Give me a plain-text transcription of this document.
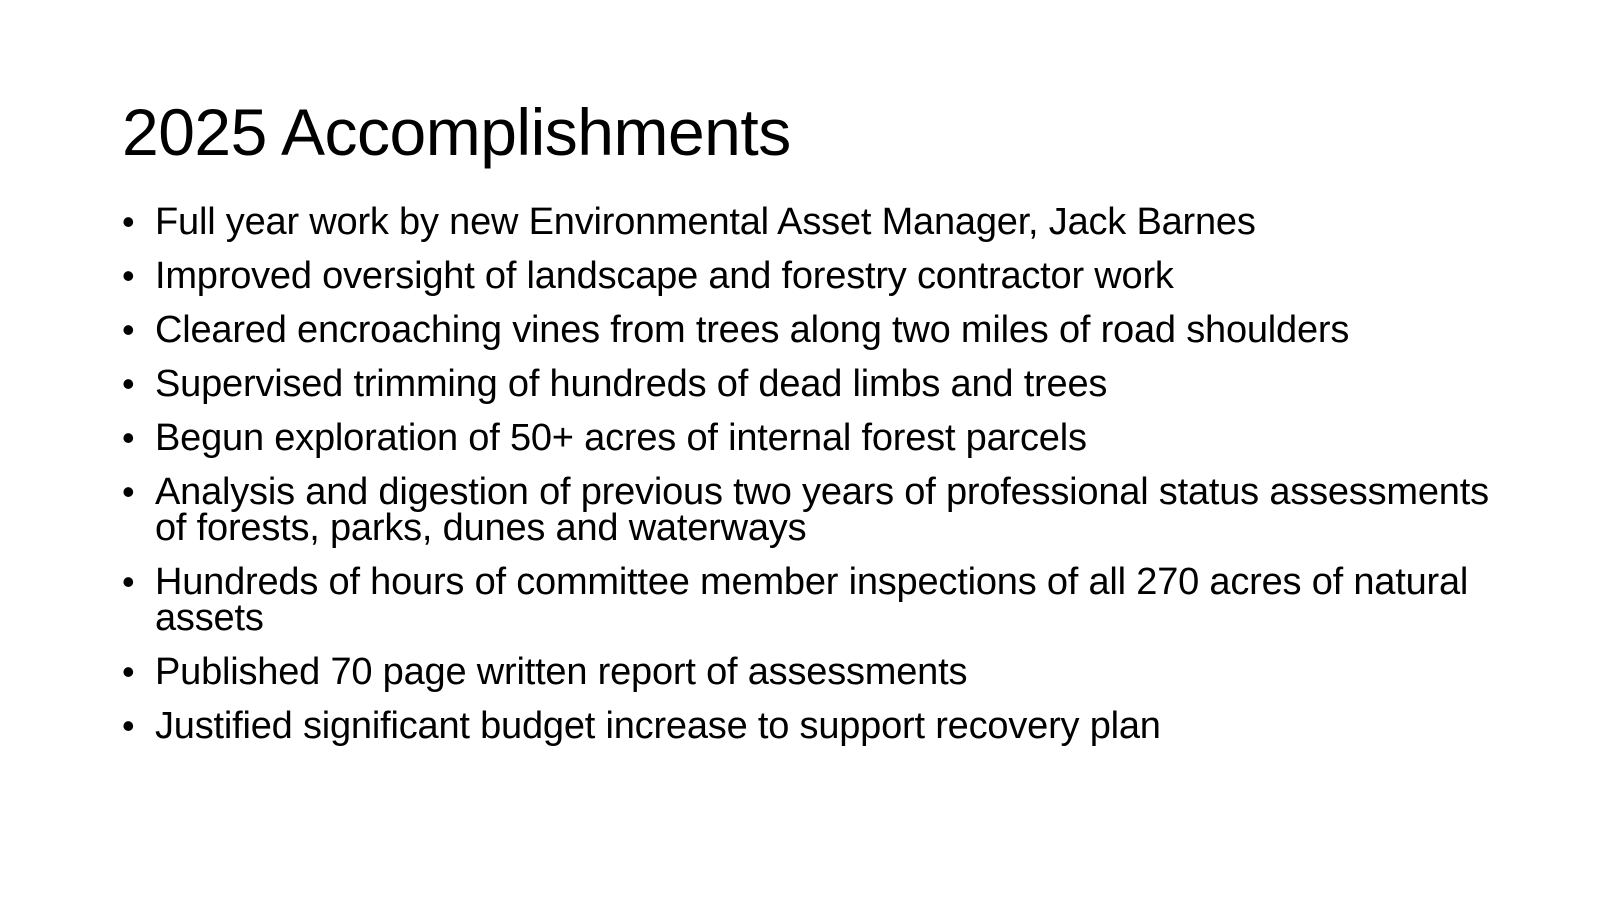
2025 Accomplishments
• Full year work by new Environmental Asset Manager, Jack Barnes
• Improved oversight of landscape and forestry contractor work
• Cleared encroaching vines from trees along two miles of road shoulders
• Supervised trimming of hundreds of dead limbs and trees
• Begun exploration of 50+ acres of internal forest parcels
• Analysis and digestion of previous two years of professional status assessments of forests, parks, dunes and waterways
• Hundreds of hours of committee member inspections of all 270 acres of natural assets
• Published 70 page written report of assessments
• Justified significant budget increase to support recovery plan
